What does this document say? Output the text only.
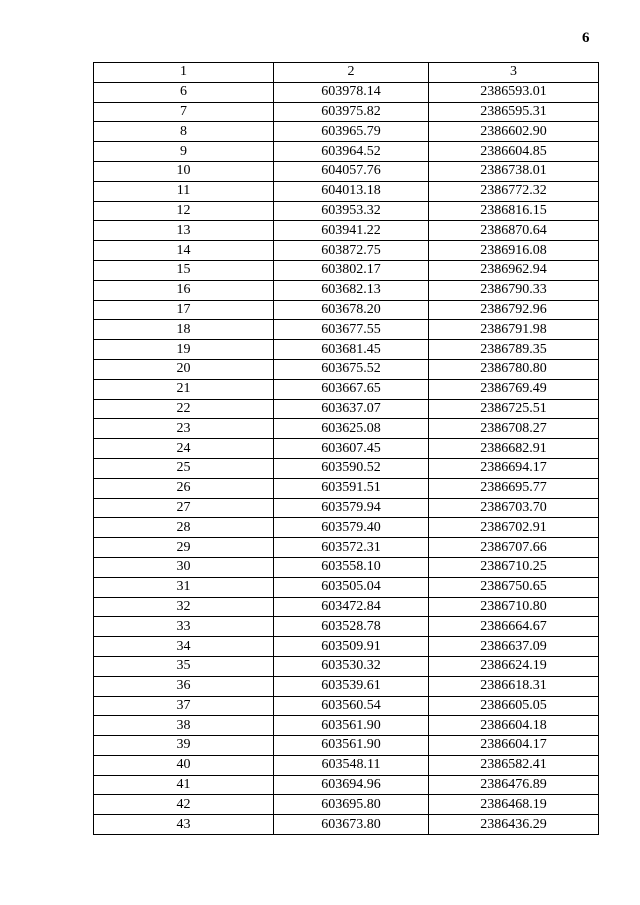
6
1	2	3
6	603978.14	2386593.01
7	603975.82	2386595.31
8	603965.79	2386602.90
9	603964.52	2386604.85
10	604057.76	2386738.01
11	604013.18	2386772.32
12	603953.32	2386816.15
13	603941.22	2386870.64
14	603872.75	2386916.08
15	603802.17	2386962.94
16	603682.13	2386790.33
17	603678.20	2386792.96
18	603677.55	2386791.98
19	603681.45	2386789.35
20	603675.52	2386780.80
21	603667.65	2386769.49
22	603637.07	2386725.51
23	603625.08	2386708.27
24	603607.45	2386682.91
25	603590.52	2386694.17
26	603591.51	2386695.77
27	603579.94	2386703.70
28	603579.40	2386702.91
29	603572.31	2386707.66
30	603558.10	2386710.25
31	603505.04	2386750.65
32	603472.84	2386710.80
33	603528.78	2386664.67
34	603509.91	2386637.09
35	603530.32	2386624.19
36	603539.61	2386618.31
37	603560.54	2386605.05
38	603561.90	2386604.18
39	603561.90	2386604.17
40	603548.11	2386582.41
41	603694.96	2386476.89
42	603695.80	2386468.19
43	603673.80	2386436.29
